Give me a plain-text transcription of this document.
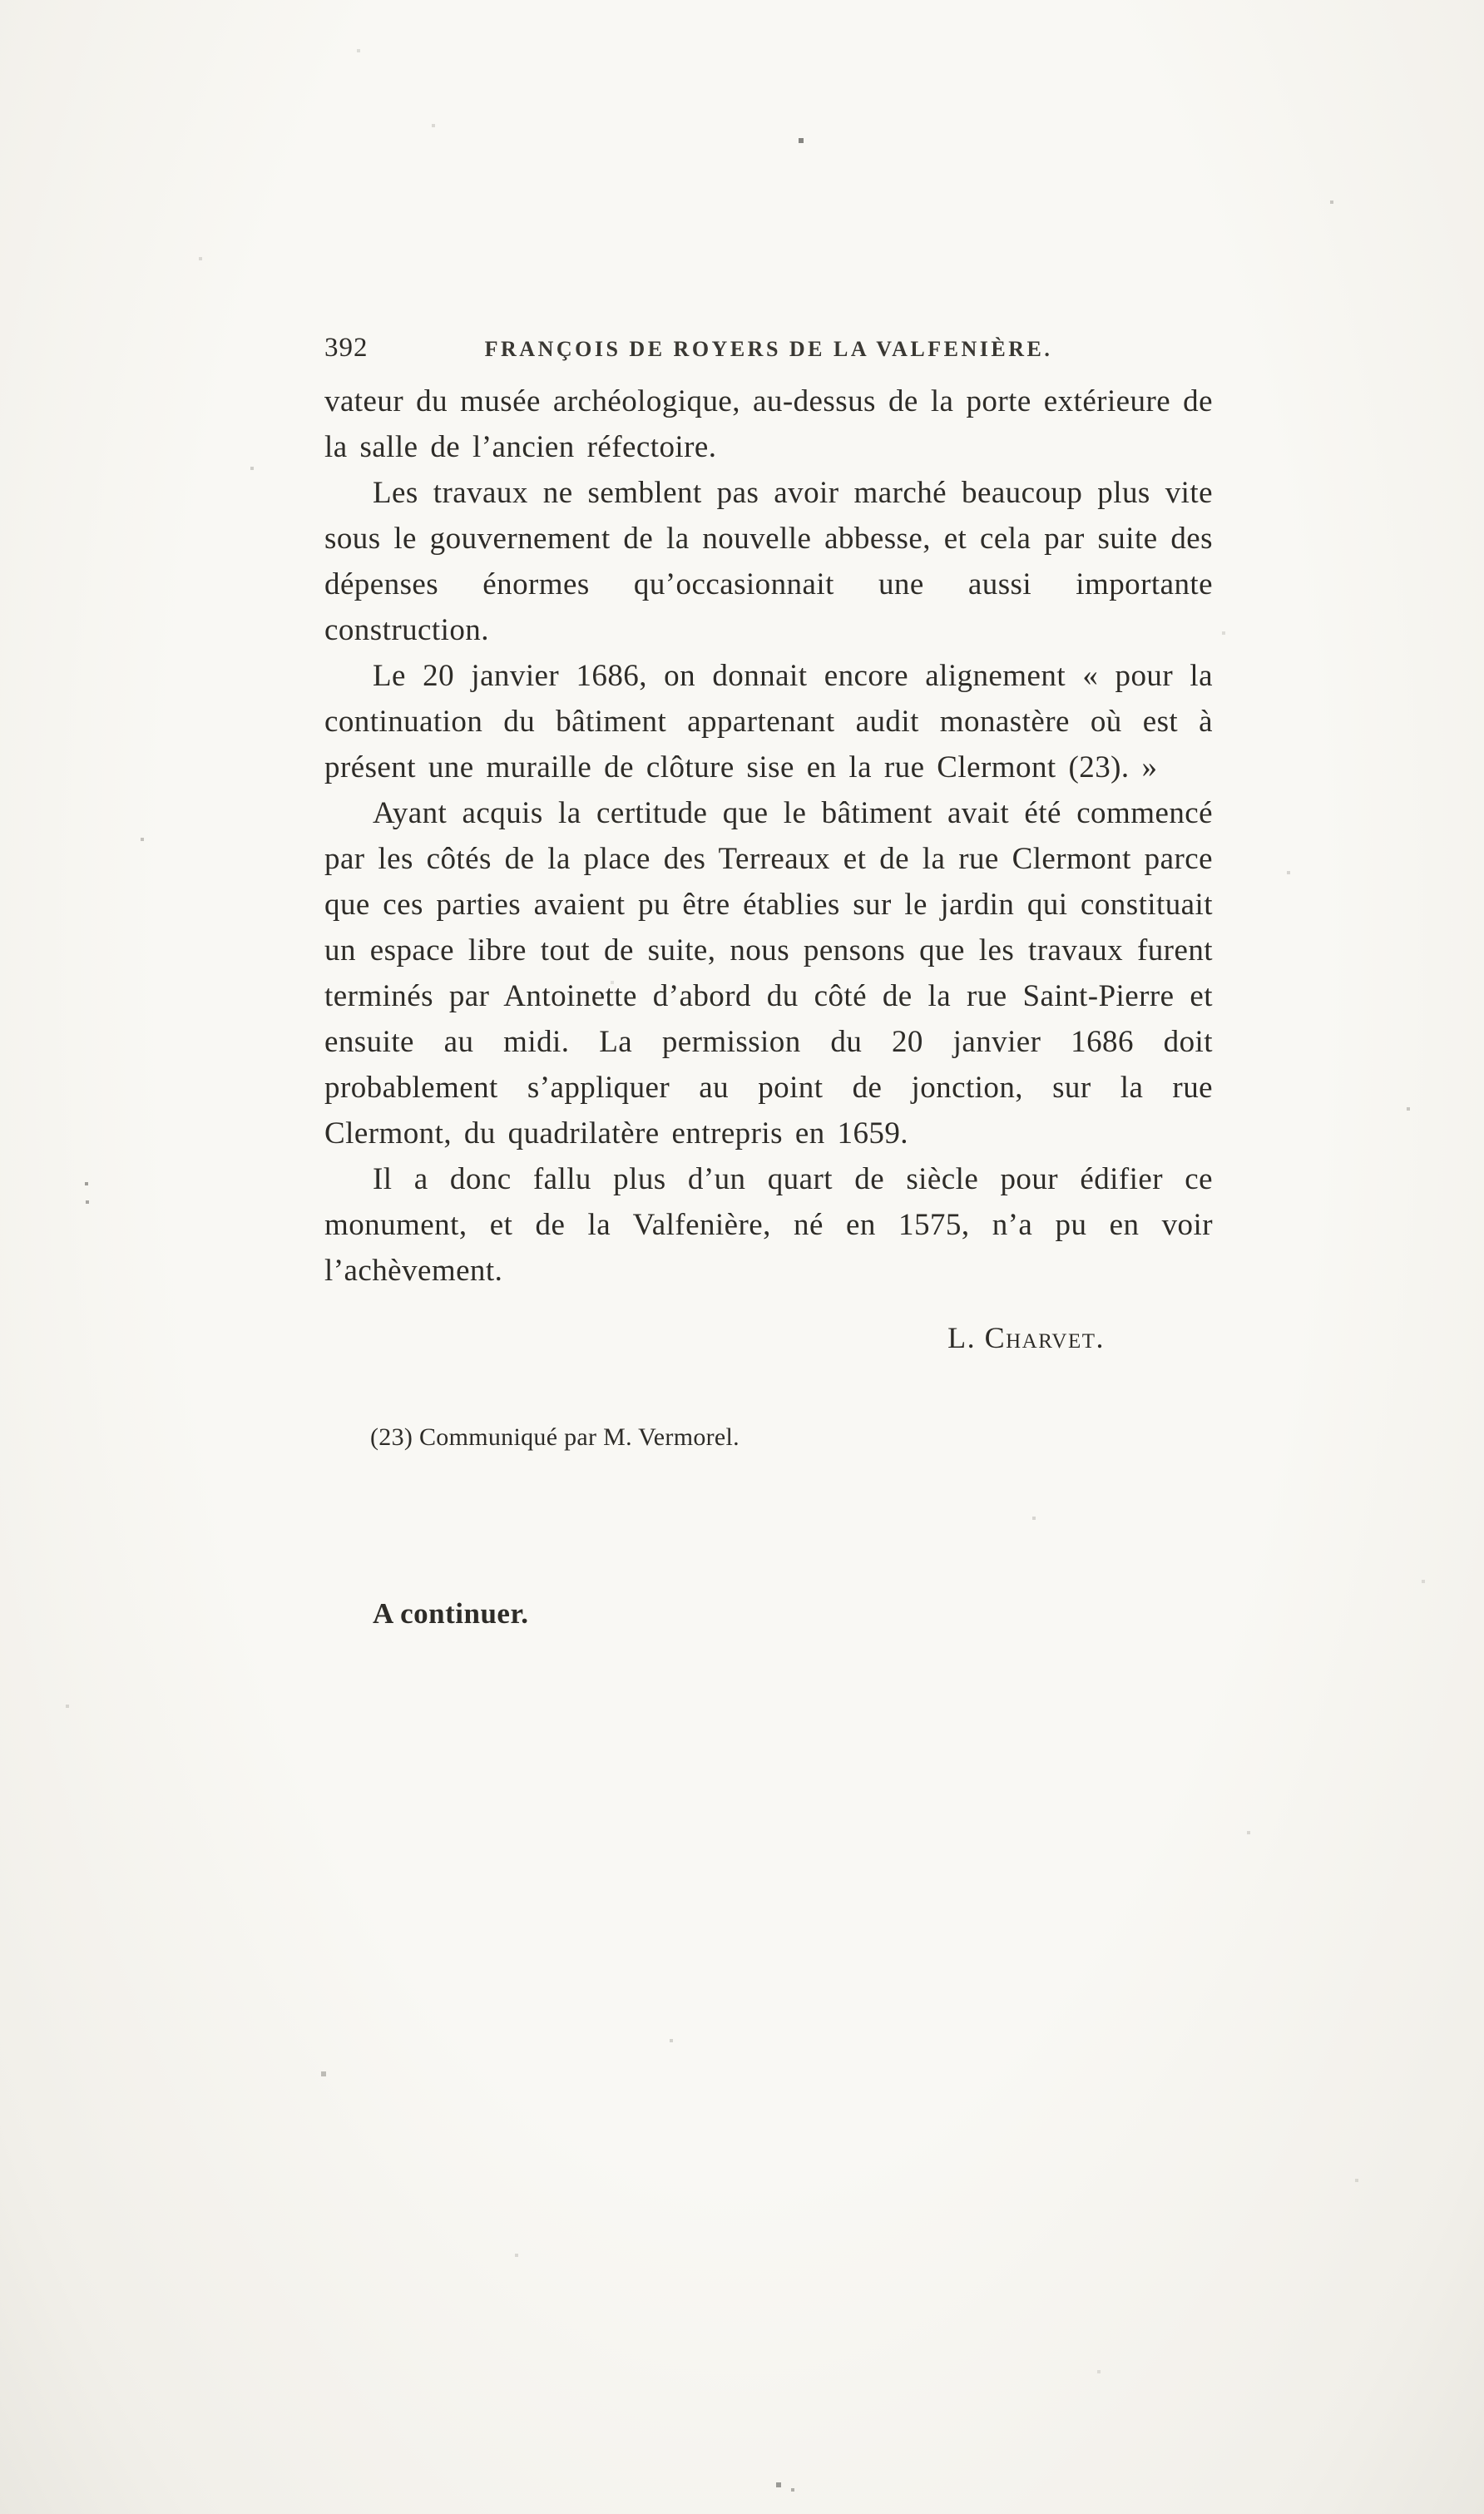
392	FRANÇOIS DE ROYERS DE LA VALFENIÈRE.

vateur du musée archéologique, au-dessus de la porte extérieure de la salle de l’ancien réfectoire.

Les travaux ne semblent pas avoir marché beaucoup plus vite sous le gouvernement de la nouvelle abbesse, et cela par suite des dépenses énormes qu’occasionnait une aussi importante construction.

Le 20 janvier 1686, on donnait encore alignement « pour la continuation du bâtiment appartenant audit monastère où est à présent une muraille de clôture sise en la rue Clermont (23). »

Ayant acquis la certitude que le bâtiment avait été commencé par les côtés de la place des Terreaux et de la rue Clermont parce que ces parties avaient pu être établies sur le jardin qui constituait un espace libre tout de suite, nous pensons que les travaux furent terminés par Antoinette d’abord du côté de la rue Saint-Pierre et ensuite au midi. La permission du 20 janvier 1686 doit probablement s’appliquer au point de jonction, sur la rue Clermont, du quadrilatère entrepris en 1659.

Il a donc fallu plus d’un quart de siècle pour édifier ce monument, et de la Valfenière, né en 1575, n’a pu en voir l’achèvement.

L. Charvet.

(23) Communiqué par M. Vermorel.

A continuer.
